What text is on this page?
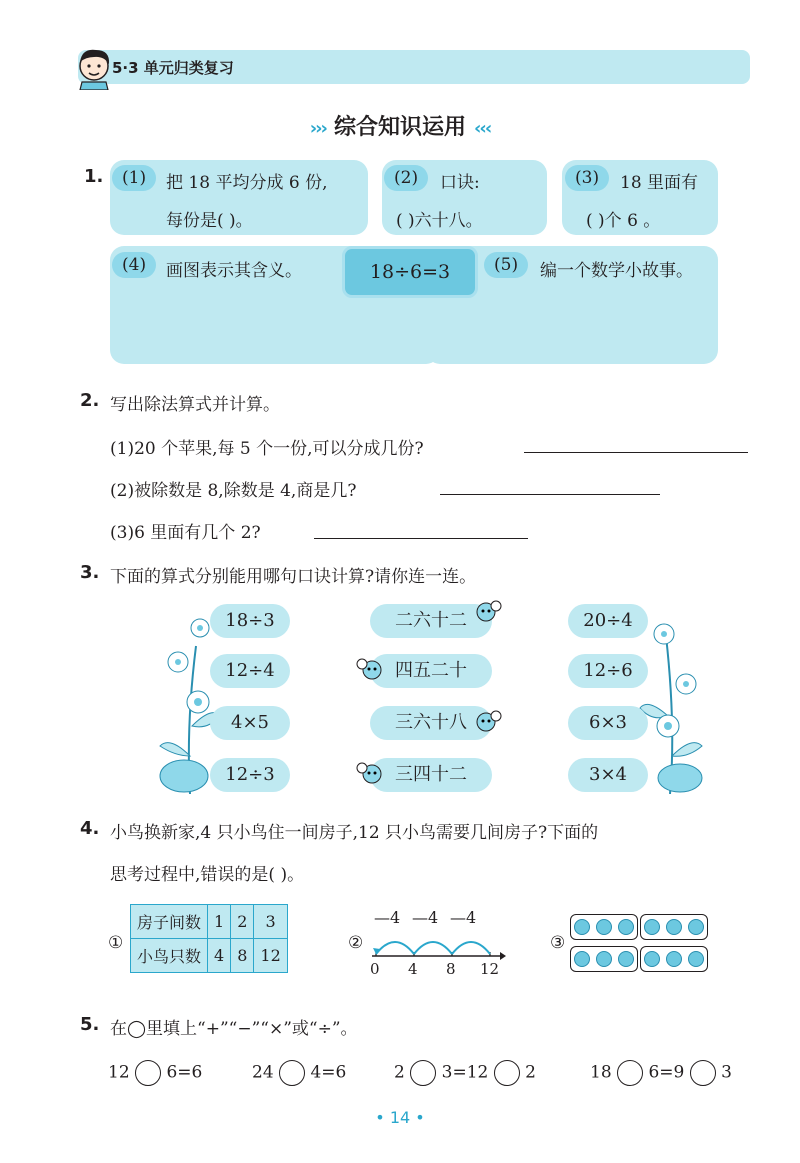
5·3 单元归类复习
››› 综合知识运用 ‹‹‹
1.	(1)	把 18 平均分成 6 份,
每份是( )。
(2)	口诀:
( )六十八。
(3)	18 里面有
( )个 6 。
(4)	画图表示其含义。	(5)	编一个数学小故事。
18÷6=3
2. 写出除法算式并计算。
(1)20 个苹果,每 5 个一份,可以分成几份?
(2)被除数是 8,除数是 4,商是几?
(3)6 里面有几个 2?
3. 下面的算式分别能用哪句口诀计算?请你连一连。
18÷3
12÷4
4×5
12÷3
二六十二
四五二十
三六十八
三四十二
20÷4
12÷6
6×3
3×4
4. 小鸟换新家,4 只小鸟住一间房子,12 只小鸟需要几间房子?下面的
思考过程中,错误的是( )。
①
房子间数	1	2	3
小鸟只数	4	8	12
②
—4 —4 —4
0 4 8 12
③
5. 在◯里填上“+”“−”“×”或“÷”。
12 6=6	24 4=6	2 3=12 2	18 6=9 3
• 14 •
